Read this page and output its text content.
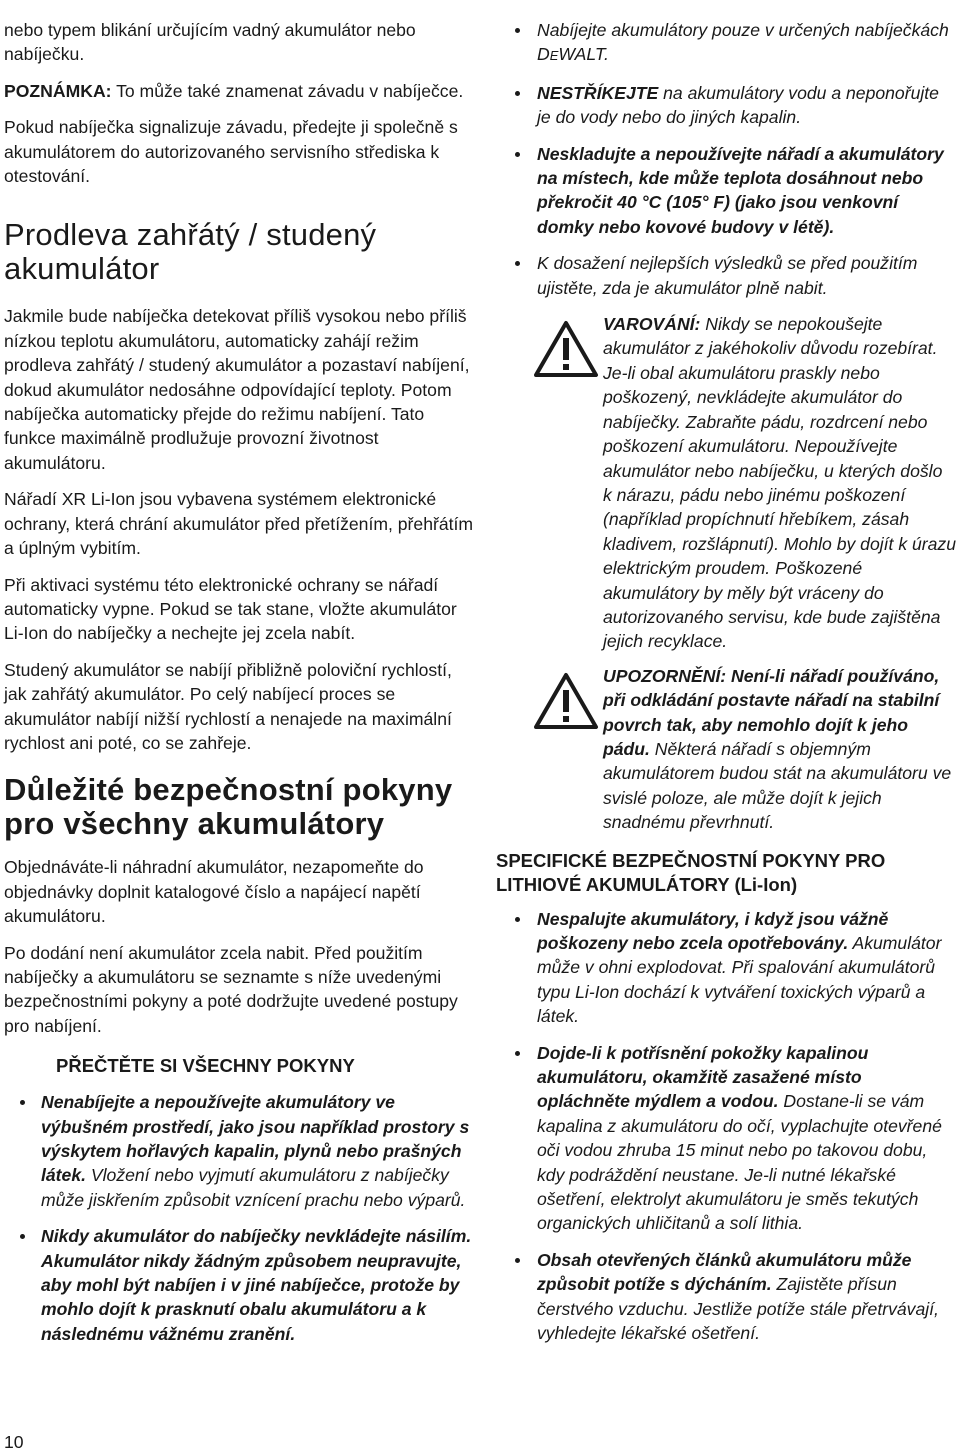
nebo typem blikání určujícím vadný akumulátor nebo nabíječku.

POZNÁMKA: To může také znamenat závadu v nabíječce.

Pokud nabíječka signalizuje závadu, předejte ji společně s akumulátorem do autorizovaného servisního střediska k otestování.

Prodleva zahřátý / studený akumulátor

Jakmile bude nabíječka detekovat příliš vysokou nebo příliš nízkou teplotu akumulátoru, automaticky zahájí režim prodleva zahřátý / studený akumulátor a pozastaví nabíjení, dokud akumulátor nedosáhne odpovídající teploty. Potom nabíječka automaticky přejde do režimu nabíjení. Tato funkce maximálně prodlužuje provozní životnost akumulátoru.

Nářadí XR Li-Ion jsou vybavena systémem elektronické ochrany, která chrání akumulátor před přetížením, přehřátím a úplným vybitím.

Při aktivaci systému této elektronické ochrany se nářadí automaticky vypne. Pokud se tak stane, vložte akumulátor Li-Ion do nabíječky a nechejte jej zcela nabít.

Studený akumulátor se nabíjí přibližně poloviční rychlostí, jak zahřátý akumulátor. Po celý nabíjecí proces se akumulátor nabíjí nižší rychlostí a nenajede na maximální rychlost ani poté, co se zahřeje.

Důležité bezpečnostní pokyny pro všechny akumulátory

Objednáváte-li náhradní akumulátor, nezapomeňte do objednávky doplnit katalogové číslo a napájecí napětí akumulátoru.

Po dodání není akumulátor zcela nabit. Před použitím nabíječky a akumulátoru se seznamte s níže uvedenými bezpečnostními pokyny a poté dodržujte uvedené postupy pro nabíjení.

PŘEČTĚTE SI VŠECHNY POKYNY
Nenabíjejte a nepoužívejte akumulátory ve výbušném prostředí, jako jsou například prostory s výskytem hořlavých kapalin, plynů nebo prašných látek. Vložení nebo vyjmutí akumulátoru z nabíječky může jiskřením způsobit vznícení prachu nebo výparů.
Nikdy akumulátor do nabíječky nevkládejte násilím. Akumulátor nikdy žádným způsobem neupravujte, aby mohl být nabíjen i v jiné nabíječce, protože by mohlo dojít k prasknutí obalu akumulátoru a k následnému vážnému zranění.
Nabíjejte akumulátory pouze v určených nabíječkách DEWALT.
NESTŘÍKEJTE na akumulátory vodu a neponořujte je do vody nebo do jiných kapalin.
Neskladujte a nepoužívejte nářadí a akumulátory na místech, kde může teplota dosáhnout nebo překročit 40 °C (105° F) (jako jsou venkovní domky nebo kovové budovy v létě).
K dosažení nejlepších výsledků se před použitím ujistěte, zda je akumulátor plně nabit.

VAROVÁNÍ: Nikdy se nepokoušejte akumulátor z jakéhokoliv důvodu rozebírat. Je-li obal akumulátoru praskly nebo poškozený, nevkládejte akumulátor do nabíječky. Zabraňte pádu, rozdrcení nebo poškození akumulátoru. Nepoužívejte akumulátor nebo nabíječku, u kterých došlo k nárazu, pádu nebo jinému poškození (například propíchnutí hřebíkem, zásah kladivem, rozšlápnutí). Mohlo by dojít k úrazu elektrickým proudem. Poškozené akumulátory by měly být vráceny do autorizovaného servisu, kde bude zajištěna jejich recyklace.

UPOZORNĚNÍ: Není-li nářadí používáno, při odkládání postavte nářadí na stabilní povrch tak, aby nemohlo dojít k jeho pádu. Některá nářadí s objemným akumulátorem budou stát na akumulátoru ve svislé poloze, ale může dojít k jejich snadnému převrhnutí.

SPECIFICKÉ BEZPEČNOSTNÍ POKYNY PRO LITHIOVÉ AKUMULÁTORY (Li-Ion)
Nespalujte akumulátory, i když jsou vážně poškozeny nebo zcela opotřebovány. Akumulátor může v ohni explodovat. Při spalování akumulátorů typu Li-Ion dochází k vytváření toxických výparů a látek.
Dojde-li k potřísnění pokožky kapalinou akumulátoru, okamžitě zasažené místo opláchněte mýdlem a vodou. Dostane-li se vám kapalina z akumulátoru do očí, vyplachujte otevřené oči vodou zhruba 15 minut nebo po takovou dobu, kdy podráždění neustane. Je-li nutné lékařské ošetření, elektrolyt akumulátoru je směs tekutých organických uhličitanů a solí lithia.
Obsah otevřených článků akumulátoru může způsobit potíže s dýcháním. Zajistěte přísun čerstvého vzduchu. Jestliže potíže stále přetrvávají, vyhledejte lékařské ošetření.
10
